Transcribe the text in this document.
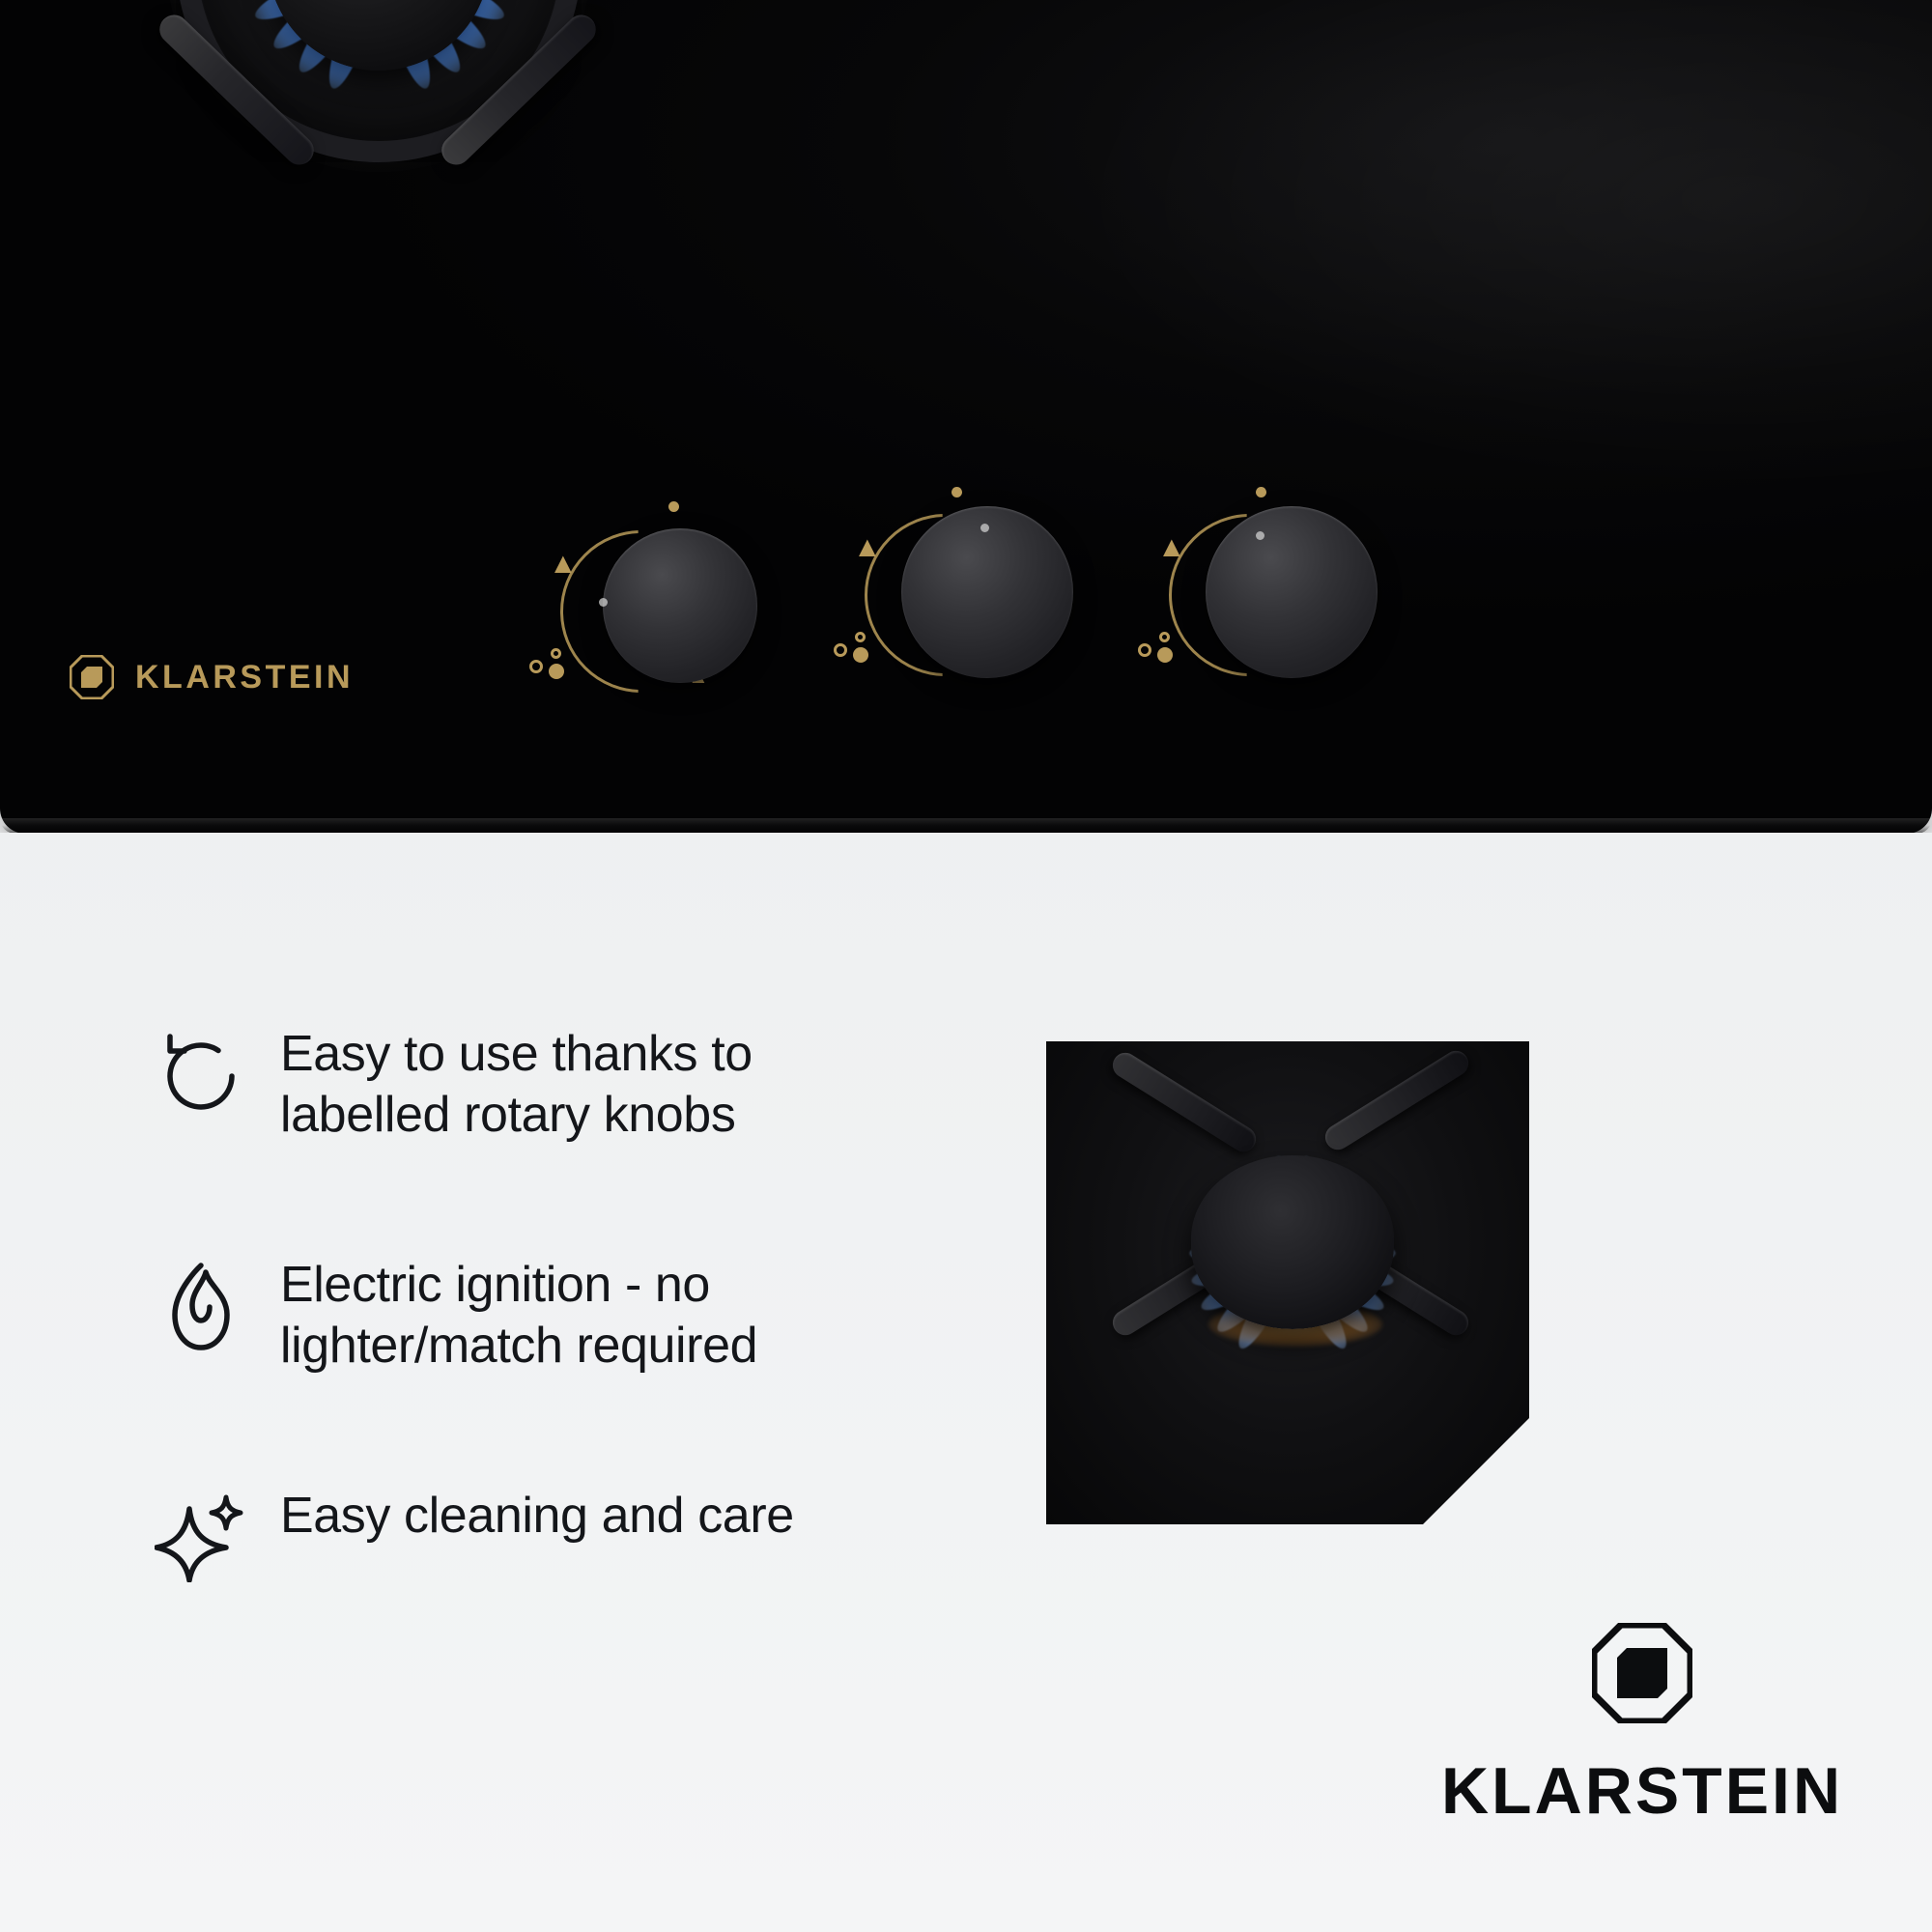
▲
▲	▲
KLARSTEIN
Easy to use thanks to labelled rotary knobs
Electric ignition - no lighter/match required
Easy cleaning and care
KLARSTEIN
